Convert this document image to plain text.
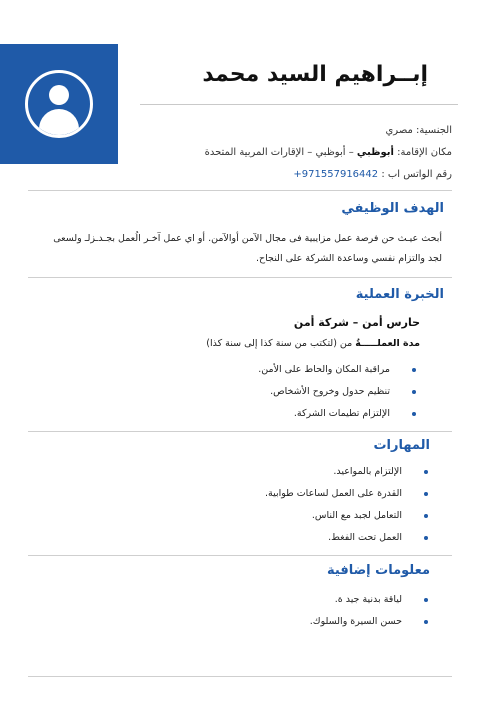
إبــراهيم السيد محمد
الجنسية: مصري
مكان الإقامة: أبوظبي – أبوظبي – الإقارات المربية المتحدة
رقم الواتس اب : +971557916442
الهدف الوظيفي
أبحث عيـث حن فرصة عمل مزايبية فى مجال الآمن أوالآمن. أو اي عمل آخـر الُعمل بجـدـزلـ ولسعى
لجد والتزام نفسي وساعدة الشركة على النجاح.
الخبرة العملية
حارس أمن – شركة أمن
مدة العملـــــةُ من (لتكتب من سنة كذا إلى سنة كذا)
مراقبة المكان والحاط على الأمن.
تنظيم حدول وخروح الأشخاص.
الإلتزام تطيمات الشركة.
المهارات
الإلتزام بالمواعيد.
القدرة على العمل لساعات طوابية.
التعامل لجبد مع الناس.
العمل تحت الفغط.
معلومات إضافية
لياقة بدنية جيد ة.
حسن السيرة والسلوك.
